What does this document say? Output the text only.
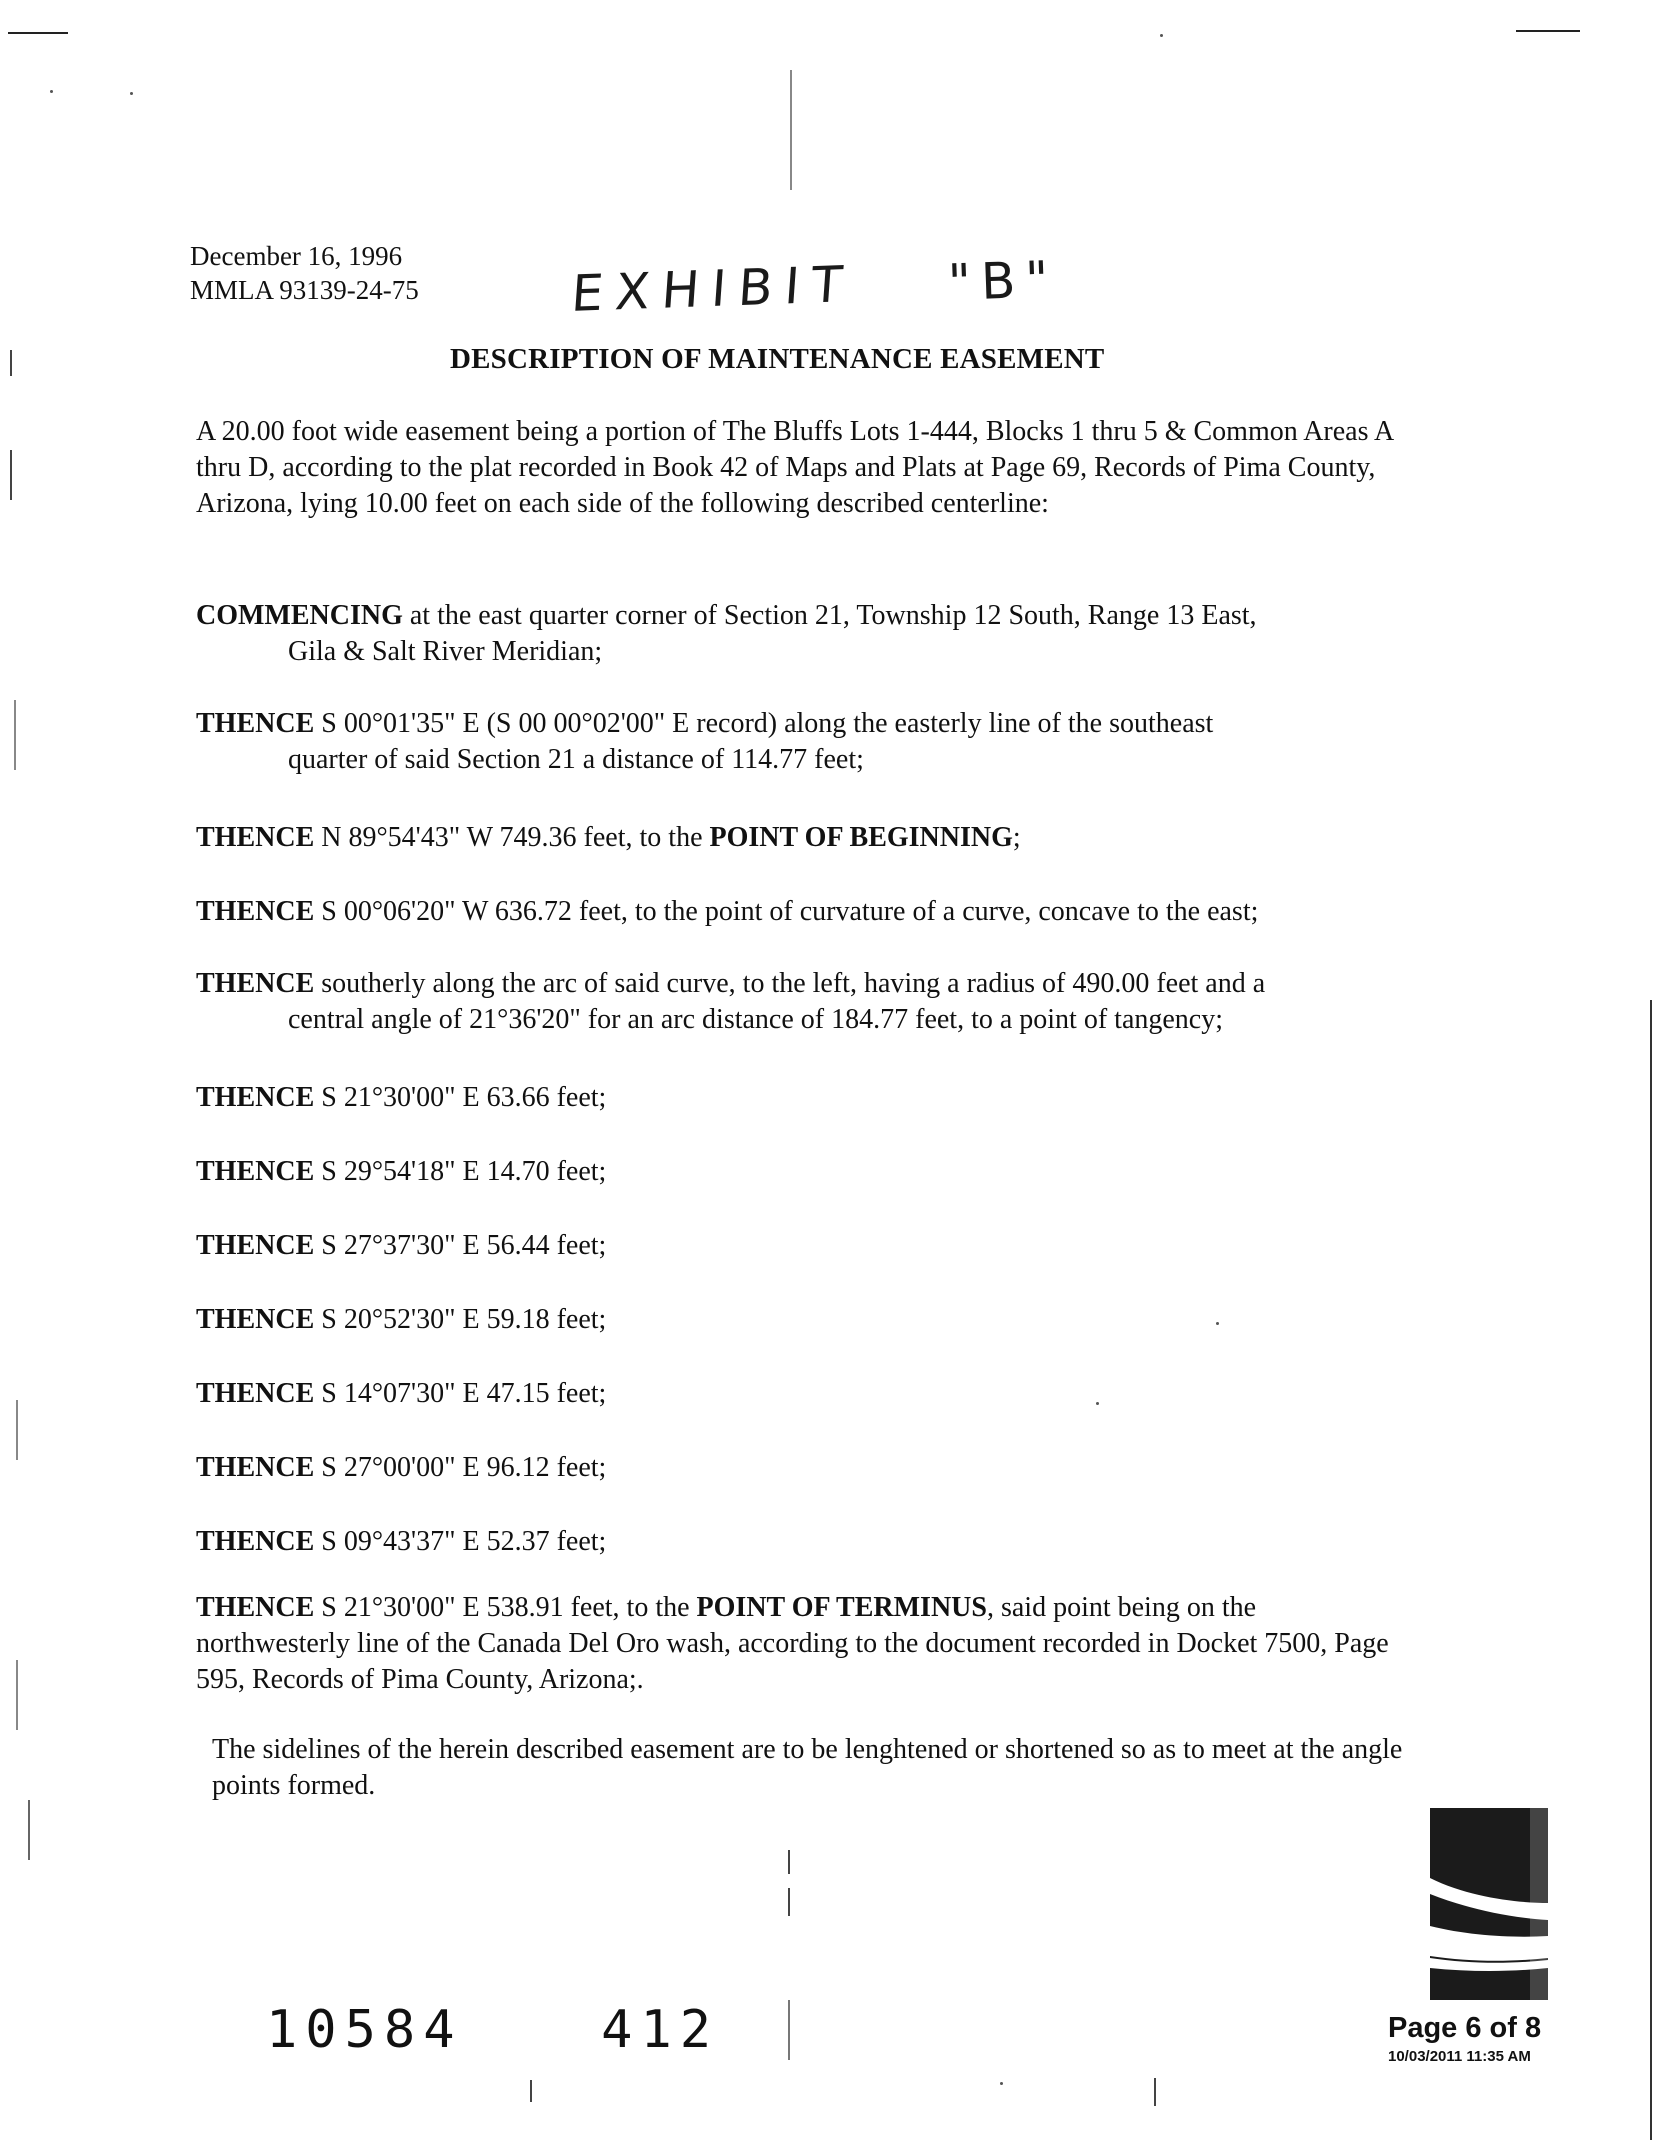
December 16, 1996
MMLA 93139-24-75	EXHIBIT "B"
DESCRIPTION OF MAINTENANCE EASEMENT
A 20.00 foot wide easement being a portion of The Bluffs Lots 1-444, Blocks 1 thru 5 & Common Areas A thru D, according to the plat recorded in Book 42 of Maps and Plats at Page 69, Records of Pima County, Arizona, lying 10.00 feet on each side of the following described centerline:
COMMENCING at the east quarter corner of Section 21, Township 12 South, Range 13 East,
Gila & Salt River Meridian;
THENCE S 00°01'35" E (S 00 00°02'00" E record) along the easterly line of the southeast
quarter of said Section 21 a distance of 114.77 feet;
THENCE N 89°54'43" W 749.36 feet, to the POINT OF BEGINNING;
THENCE S 00°06'20" W 636.72 feet, to the point of curvature of a curve, concave to the east;
THENCE southerly along the arc of said curve, to the left, having a radius of 490.00 feet and a
central angle of 21°36'20" for an arc distance of 184.77 feet, to a point of tangency;
THENCE S 21°30'00" E 63.66 feet;
THENCE S 29°54'18" E 14.70 feet;
THENCE S 27°37'30" E 56.44 feet;
THENCE S 20°52'30" E 59.18 feet;
THENCE S 14°07'30" E 47.15 feet;
THENCE S 27°00'00" E 96.12 feet;
THENCE S 09°43'37" E 52.37 feet;
THENCE S 21°30'00" E 538.91 feet, to the POINT OF TERMINUS, said point being on the northwesterly line of the Canada Del Oro wash, according to the document recorded in Docket 7500, Page 595, Records of Pima County, Arizona;.
The sidelines of the herein described easement are to be lenghtened or shortened so as to meet at the angle points formed.
10584	412	Page 6 of 8
10/03/2011 11:35 AM
